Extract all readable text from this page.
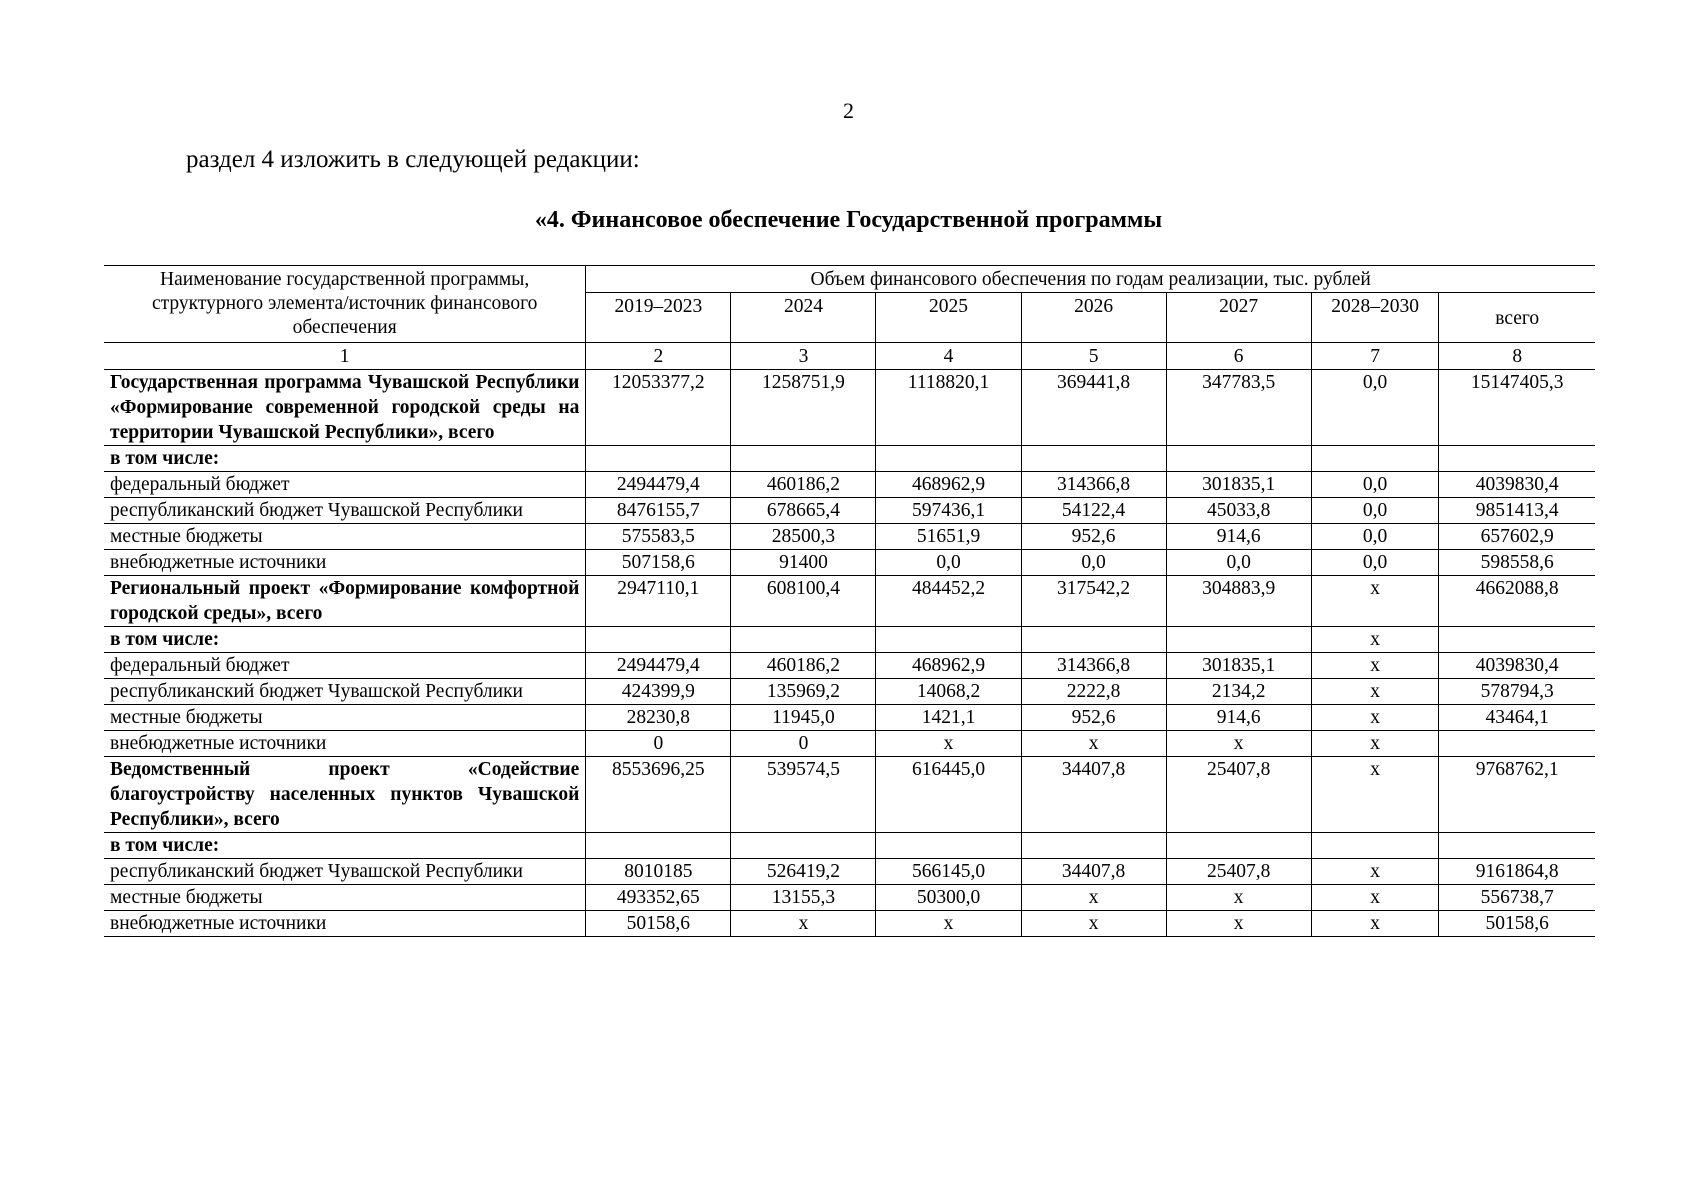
2
раздел 4 изложить в следующей редакции:
«4. Финансовое обеспечение Государственной программы
Наименование государственной программы, структурного элемента/источник финансового обеспечения	Объем финансового обеспечения по годам реализации, тыс. рублей						
	2019–2023	2024	2025	2026	2027	2028–2030	всего
1	2	3	4	5	6	7	8
Государственная программа Чувашской Республики «Формирование современной городской среды на территории Чувашской Республики», всего	12053377,2	1258751,9	1118820,1	369441,8	347783,5	0,0	15147405,3
в том числе:							
федеральный бюджет	2494479,4	460186,2	468962,9	314366,8	301835,1	0,0	4039830,4
республиканский бюджет Чувашской Республики	8476155,7	678665,4	597436,1	54122,4	45033,8	0,0	9851413,4
местные бюджеты	575583,5	28500,3	51651,9	952,6	914,6	0,0	657602,9
внебюджетные источники	507158,6	91400	0,0	0,0	0,0	0,0	598558,6
Региональный проект «Формирование комфортной городской среды», всего	2947110,1	608100,4	484452,2	317542,2	304883,9	х	4662088,8
в том числе:						х	
федеральный бюджет	2494479,4	460186,2	468962,9	314366,8	301835,1	х	4039830,4
республиканский бюджет Чувашской Республики	424399,9	135969,2	14068,2	2222,8	2134,2	х	578794,3
местные бюджеты	28230,8	11945,0	1421,1	952,6	914,6	х	43464,1
внебюджетные источники	0	0	х	х	х	х	
Ведомственный проект «Содействие благоустройству населенных пунктов Чувашской Республики», всего	8553696,25	539574,5	616445,0	34407,8	25407,8	х	9768762,1
в том числе:							
республиканский бюджет Чувашской Республики	8010185	526419,2	566145,0	34407,8	25407,8	х	9161864,8
местные бюджеты	493352,65	13155,3	50300,0	х	х	х	556738,7
внебюджетные источники	50158,6	х	х	х	х	х	50158,6
